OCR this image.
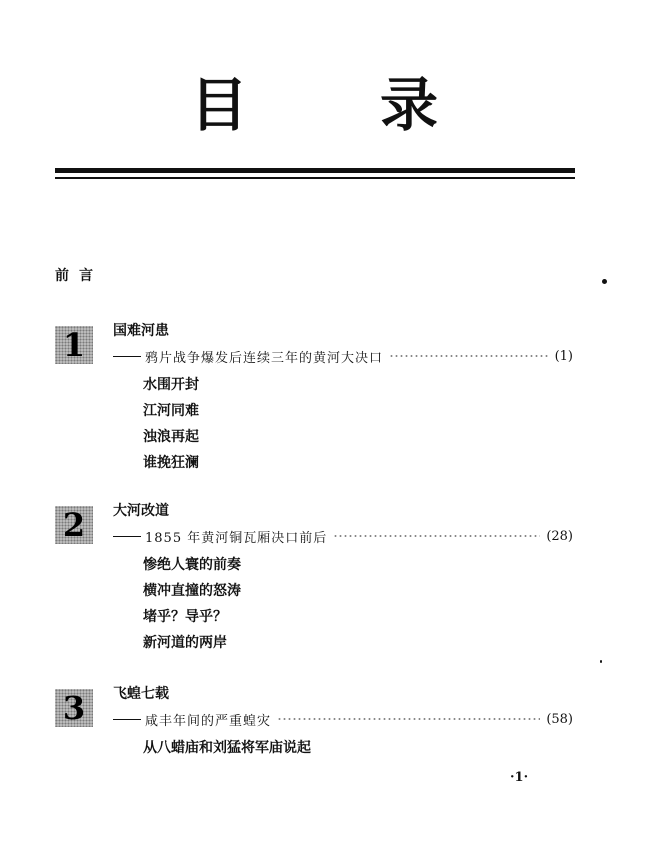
目 录
前言
1 国难河患
鸦片战争爆发后连续三年的黄河大决口	(1)
水围开封
江河同难
浊浪再起
谁挽狂澜
2 大河改道
1855 年黄河铜瓦厢决口前后	(28)
惨绝人寰的前奏
横冲直撞的怒涛
堵乎？导乎？
新河道的两岸
3 飞蝗七载
咸丰年间的严重蝗灾	(58)
从八蜡庙和刘猛将军庙说起
·1·
